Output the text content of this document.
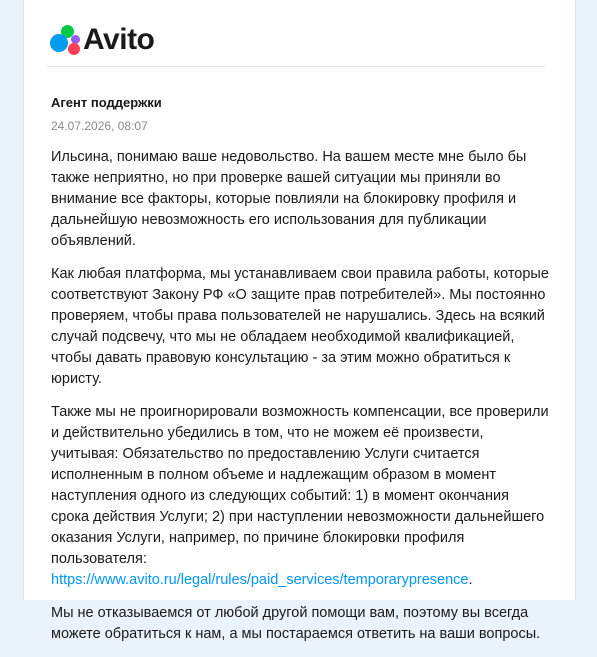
Avito
Агент поддержки
24.07.2026, 08:07

Ильсина, понимаю ваше недовольство. На вашем месте мне было бы также неприятно, но при проверке вашей ситуации мы приняли во внимание все факторы, которые повлияли на блокировку профиля и дальнейшую невозможность его использования для публикации объявлений.

Как любая платформа, мы устанавливаем свои правила работы, которые соответствуют Закону РФ «О защите прав потребителей». Мы постоянно проверяем, чтобы права пользователей не нарушались. Здесь на всякий случай подсвечу, что мы не обладаем необходимой квалификацией, чтобы давать правовую консультацию - за этим можно обратиться к юристу.

Также мы не проигнорировали возможность компенсации, все проверили и действительно убедились в том, что не можем её произвести, учитывая: Обязательство по предоставлению Услуги считается исполненным в полном объеме и надлежащим образом в момент наступления одного из следующих событий: 1) в момент окончания срока действия Услуги; 2) при наступлении невозможности дальнейшего оказания Услуги, например, по причине блокировки профиля пользователя: https://www.avito.ru/legal/rules/paid_services/temporarypresence.

Мы не отказываемся от любой другой помощи вам, поэтому вы всегда можете обратиться к нам, а мы постараемся ответить на ваши вопросы.
